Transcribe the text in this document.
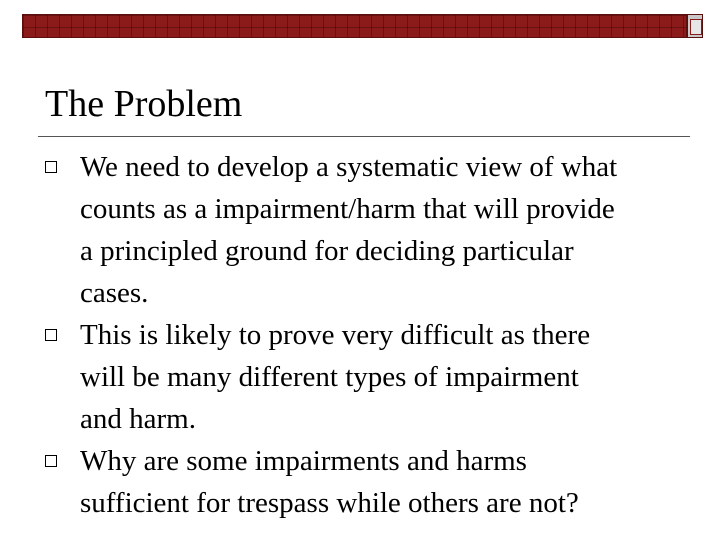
The Problem
We need to develop a systematic view of what
counts as a impairment/harm that will provide
a principled ground for deciding particular
cases.
This is likely to prove very difficult as there
will be many different types of impairment
and harm.
Why are some impairments and harms
sufficient for trespass while others are not?
